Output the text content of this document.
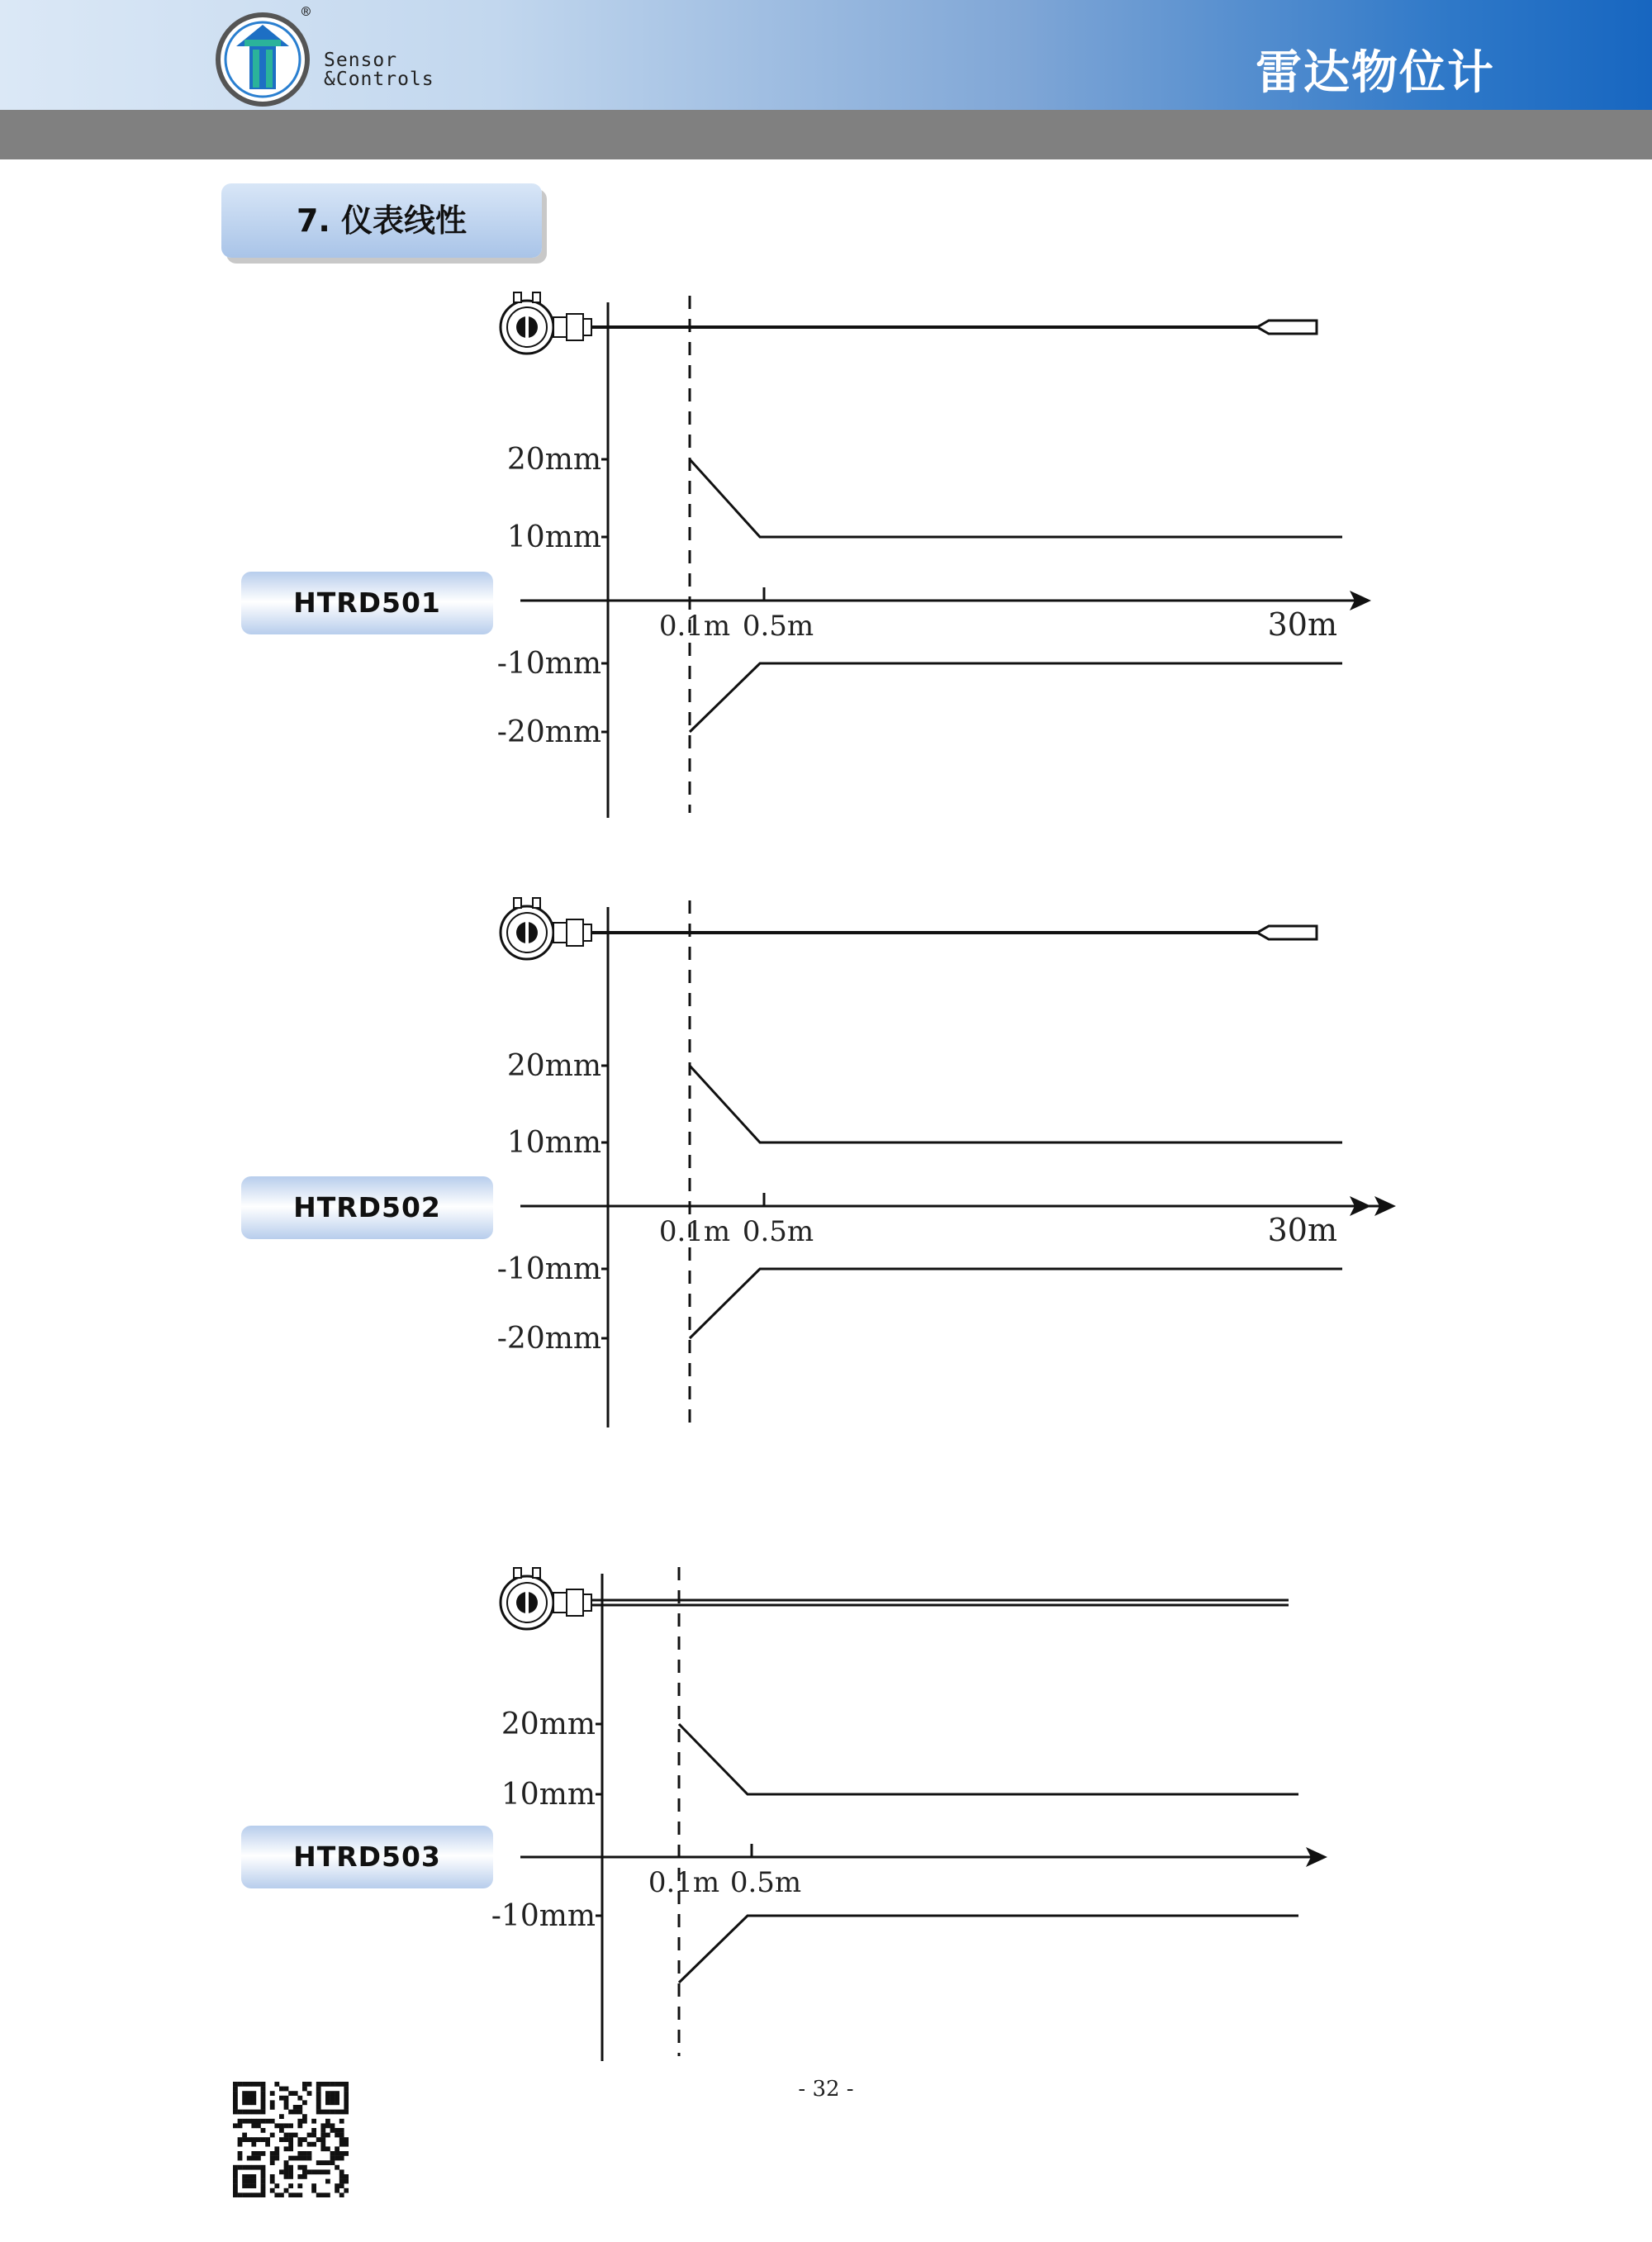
®
Sensor
&Controls	雷达物位计
7. 仪表线性
HTRD501
HTRD502
HTRD503
20mm
10mm
-10mm
-20mm
0.1m 0.5m	30m
20mm
10mm
-10mm
-20mm
0.1m 0.5m	30m
20mm
10mm
-10mm
0.1m 0.5m
- 32 -
